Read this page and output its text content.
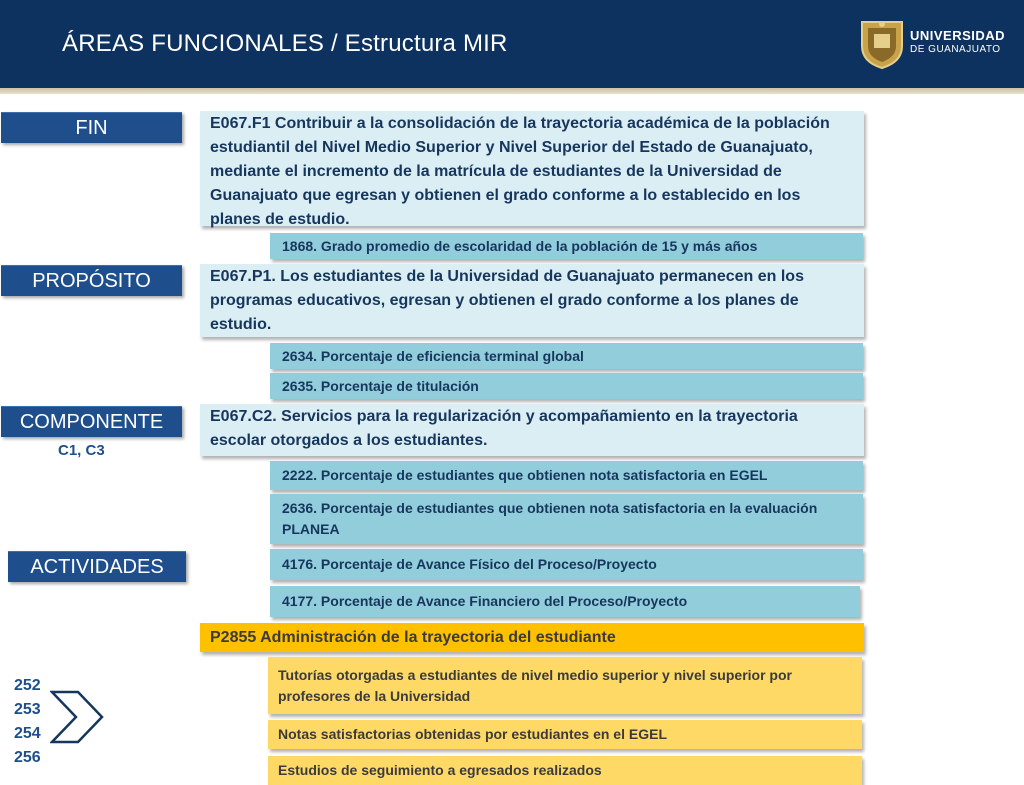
ÁREAS FUNCIONALES / Estructura MIR	UNIVERSIDAD
DE GUANAJUATO
FIN	E067.F1 Contribuir a la consolidación de la trayectoria académica de la población estudiantil del Nivel Medio Superior y Nivel Superior del Estado de Guanajuato, mediante el incremento de la matrícula de estudiantes de la Universidad de Guanajuato que egresan y obtienen el grado conforme a lo establecido en los planes de estudio.
1868. Grado promedio de escolaridad de la población de 15 y más años
PROPÓSITO	E067.P1. Los estudiantes de la Universidad de Guanajuato permanecen en los programas educativos, egresan y obtienen el grado conforme a los planes de estudio.
2634. Porcentaje de eficiencia terminal global
2635. Porcentaje de titulación
COMPONENTE
C1, C3
E067.C2. Servicios para la regularización y acompañamiento en la trayectoria escolar otorgados a los estudiantes.
2222. Porcentaje de estudiantes que obtienen nota satisfactoria en EGEL
2636. Porcentaje de estudiantes que obtienen nota satisfactoria en la evaluación PLANEA
ACTIVIDADES	4176. Porcentaje de Avance Físico del Proceso/Proyecto
4177. Porcentaje de Avance Financiero del Proceso/Proyecto
P2855 Administración de la trayectoria del estudiante
Tutorías otorgadas a estudiantes de nivel medio superior y nivel superior por profesores de la Universidad
Notas satisfactorias obtenidas por estudiantes en el EGEL
Estudios de seguimiento a egresados realizados
252
253
254
256
